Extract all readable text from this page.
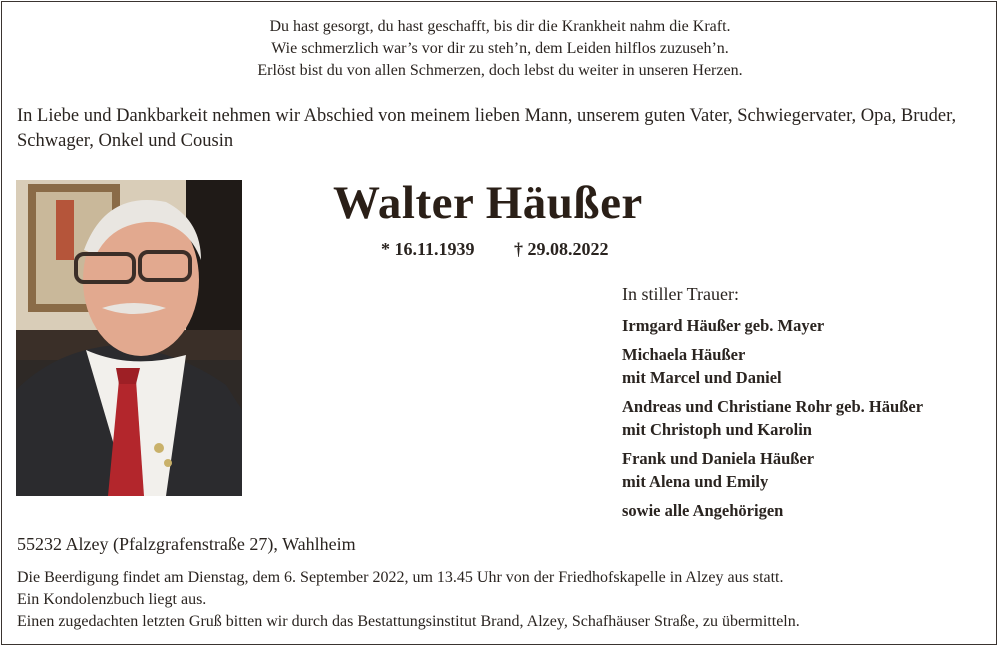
Du hast gesorgt, du hast geschafft, bis dir die Krankheit nahm die Kraft.
Wie schmerzlich war’s vor dir zu steh’n, dem Leiden hilflos zuzuseh’n.
Erlöst bist du von allen Schmerzen, doch lebst du weiter in unseren Herzen.
In Liebe und Dankbarkeit nehmen wir Abschied von meinem lieben Mann, unserem guten Vater, Schwiegervater, Opa, Bruder, Schwager, Onkel und Cousin
Walter Häußer
* 16.11.1939 † 29.08.2022
In stiller Trauer:
Irmgard Häußer geb. Mayer
Michaela Häußer
mit Marcel und Daniel
Andreas und Christiane Rohr geb. Häußer
mit Christoph und Karolin
Frank und Daniela Häußer
mit Alena und Emily
sowie alle Angehörigen
55232 Alzey (Pfalzgrafenstraße 27), Wahlheim
Die Beerdigung findet am Dienstag, dem 6. September 2022, um 13.45 Uhr von der Friedhofskapelle in Alzey aus statt.
Ein Kondolenzbuch liegt aus.
Einen zugedachten letzten Gruß bitten wir durch das Bestattungsinstitut Brand, Alzey, Schafhäuser Straße, zu übermitteln.
